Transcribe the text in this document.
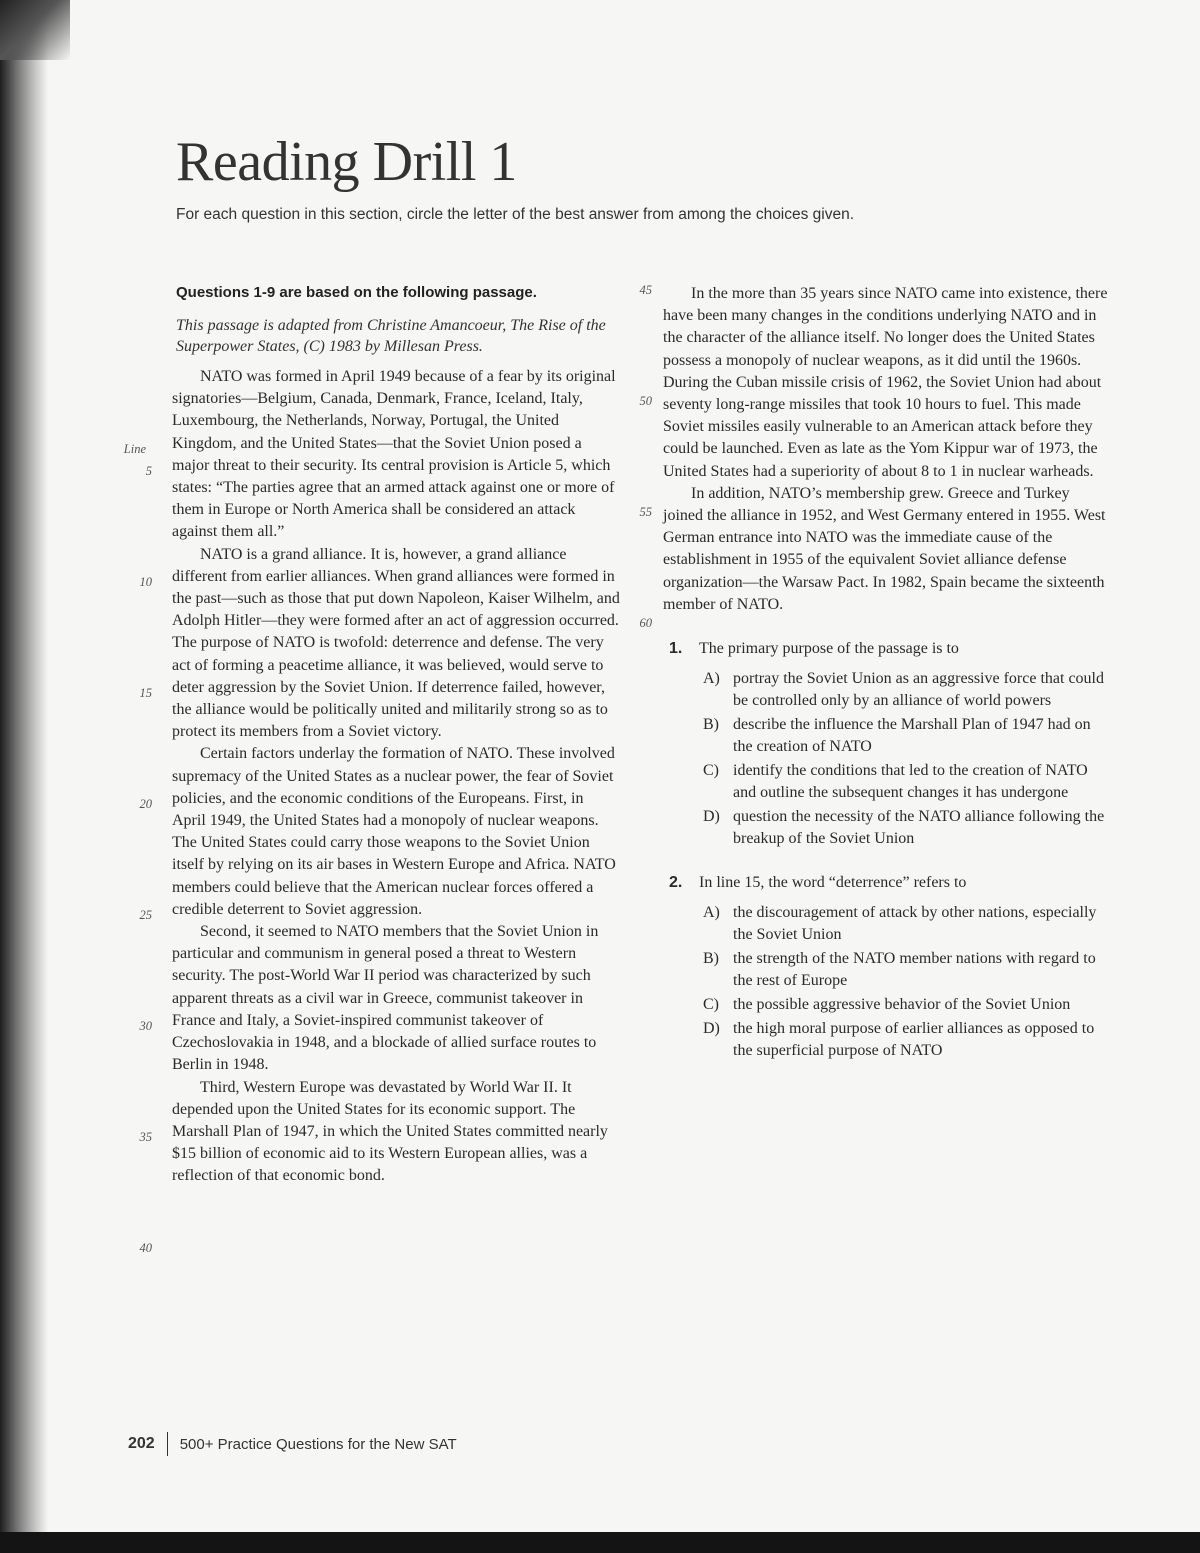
Reading Drill 1
For each question in this section, circle the letter of the best answer from among the choices given.
Questions 1-9 are based on the following passage.
This passage is adapted from Christine Amancoeur, The Rise of the Superpower States, (C) 1983 by Millesan Press.

NATO was formed in April 1949 because of a fear by its original signatories—Belgium, Canada, Denmark, France, Iceland, Italy, Luxembourg, the Netherlands, Norway, Portugal, the United Kingdom, and the United States—that the Soviet Union posed a major threat to their security. Its central provision is Article 5, which states: “The parties agree that an armed attack against one or more of them in Europe or North America shall be considered an attack against them all.”

NATO is a grand alliance. It is, however, a grand alliance different from earlier alliances. When grand alliances were formed in the past—such as those that put down Napoleon, Kaiser Wilhelm, and Adolph Hitler—they were formed after an act of aggression occurred. The purpose of NATO is twofold: deterrence and defense. The very act of forming a peacetime alliance, it was believed, would serve to deter aggression by the Soviet Union. If deterrence failed, however, the alliance would be politically united and militarily strong so as to protect its members from a Soviet victory.

Certain factors underlay the formation of NATO. These involved supremacy of the United States as a nuclear power, the fear of Soviet policies, and the economic conditions of the Europeans. First, in April 1949, the United States had a monopoly of nuclear weapons. The United States could carry those weapons to the Soviet Union itself by relying on its air bases in Western Europe and Africa. NATO members could believe that the American nuclear forces offered a credible deterrent to Soviet aggression.

Second, it seemed to NATO members that the Soviet Union in particular and communism in general posed a threat to Western security. The post-World War II period was characterized by such apparent threats as a civil war in Greece, communist takeover in France and Italy, a Soviet-inspired communist takeover of Czechoslovakia in 1948, and a blockade of allied surface routes to Berlin in 1948.

Third, Western Europe was devastated by World War II. It depended upon the United States for its economic support. The Marshall Plan of 1947, in which the United States committed nearly $15 billion of economic aid to its Western European allies, was a reflection of that economic bond.

Line
5
10
15
20
25
30
35
40

In the more than 35 years since NATO came into existence, there have been many changes in the conditions underlying NATO and in the character of the alliance itself. No longer does the United States possess a monopoly of nuclear weapons, as it did until the 1960s. During the Cuban missile crisis of 1962, the Soviet Union had about seventy long-range missiles that took 10 hours to fuel. This made Soviet missiles easily vulnerable to an American attack before they could be launched. Even as late as the Yom Kippur war of 1973, the United States had a superiority of about 8 to 1 in nuclear warheads.

In addition, NATO’s membership grew. Greece and Turkey joined the alliance in 1952, and West Germany entered in 1955. West German entrance into NATO was the immediate cause of the establishment in 1955 of the equivalent Soviet alliance defense organization—the Warsaw Pact. In 1982, Spain became the sixteenth member of NATO.

1.	The primary purpose of the passage is to
A) portray the Soviet Union as an aggressive force that could be controlled only by an alliance of world powers
B) describe the influence the Marshall Plan of 1947 had on the creation of NATO
C) identify the conditions that led to the creation of NATO and outline the subsequent changes it has undergone
D) question the necessity of the NATO alliance following the breakup of the Soviet Union
2.	In line 15, the word “deterrence” refers to
A) the discouragement of attack by other nations, especially the Soviet Union
B) the strength of the NATO member nations with regard to the rest of Europe
C) the possible aggressive behavior of the Soviet Union
D) the high moral purpose of earlier alliances as opposed to the superficial purpose of NATO
45
50
55
60
202 500+ Practice Questions for the New SAT
